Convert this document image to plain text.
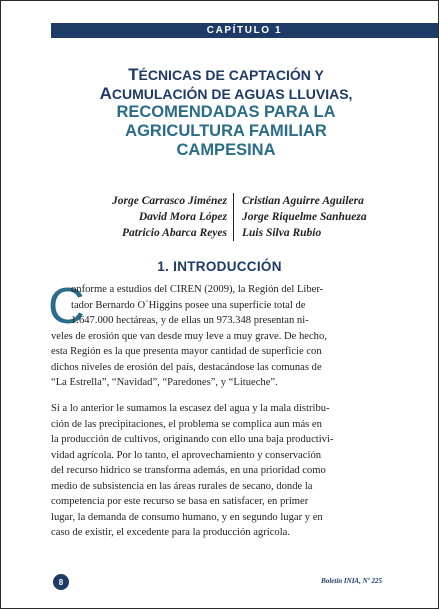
CAPÍTULO 1
TÉCNICAS DE CAPTACIÓN Y
ACUMULACIÓN DE AGUAS LLUVIAS,
RECOMENDADAS PARA LA
AGRICULTURA FAMILIAR
CAMPESINA
Jorge Carrasco Jiménez
David Mora López
Patricio Abarca Reyes
Cristian Aguirre Aguilera
Jorge Riquelme Sanhueza
Luis Silva Rubio
1. INTRODUCCIÓN
C
onforme a estudios del CIREN (2009), la Región del Liber-
tador Bernardo O´Higgins posee una superficie total de
1.647.000 hectáreas, y de ellas un 973.348 presentan ni-
veles de erosión que van desde muy leve a muy grave. De hecho,
esta Región es la que presenta mayor cantidad de superficie con
dichos niveles de erosión del país, destacándose las comunas de
“La Estrella”, “Navidad”, “Paredones”, y “Litueche”.
Si a lo anterior le sumamos la escasez del agua y la mala distribu-
ción de las precipitaciones, el problema se complica aun más en
la producción de cultivos, originando con ello una baja productivi-
vidad agrícola. Por lo tanto, el aprovechamiento y conservación
del recurso hídrico se transforma además, en una prioridad como
medio de subsistencia en las áreas rurales de secano, donde la
competencia por este recurso se basa en satisfacer, en primer
lugar, la demanda de consumo humano, y en segundo lugar y en
caso de existir, el excedente para la producción agrícola.
8	Boletín INIA, Nº 225
